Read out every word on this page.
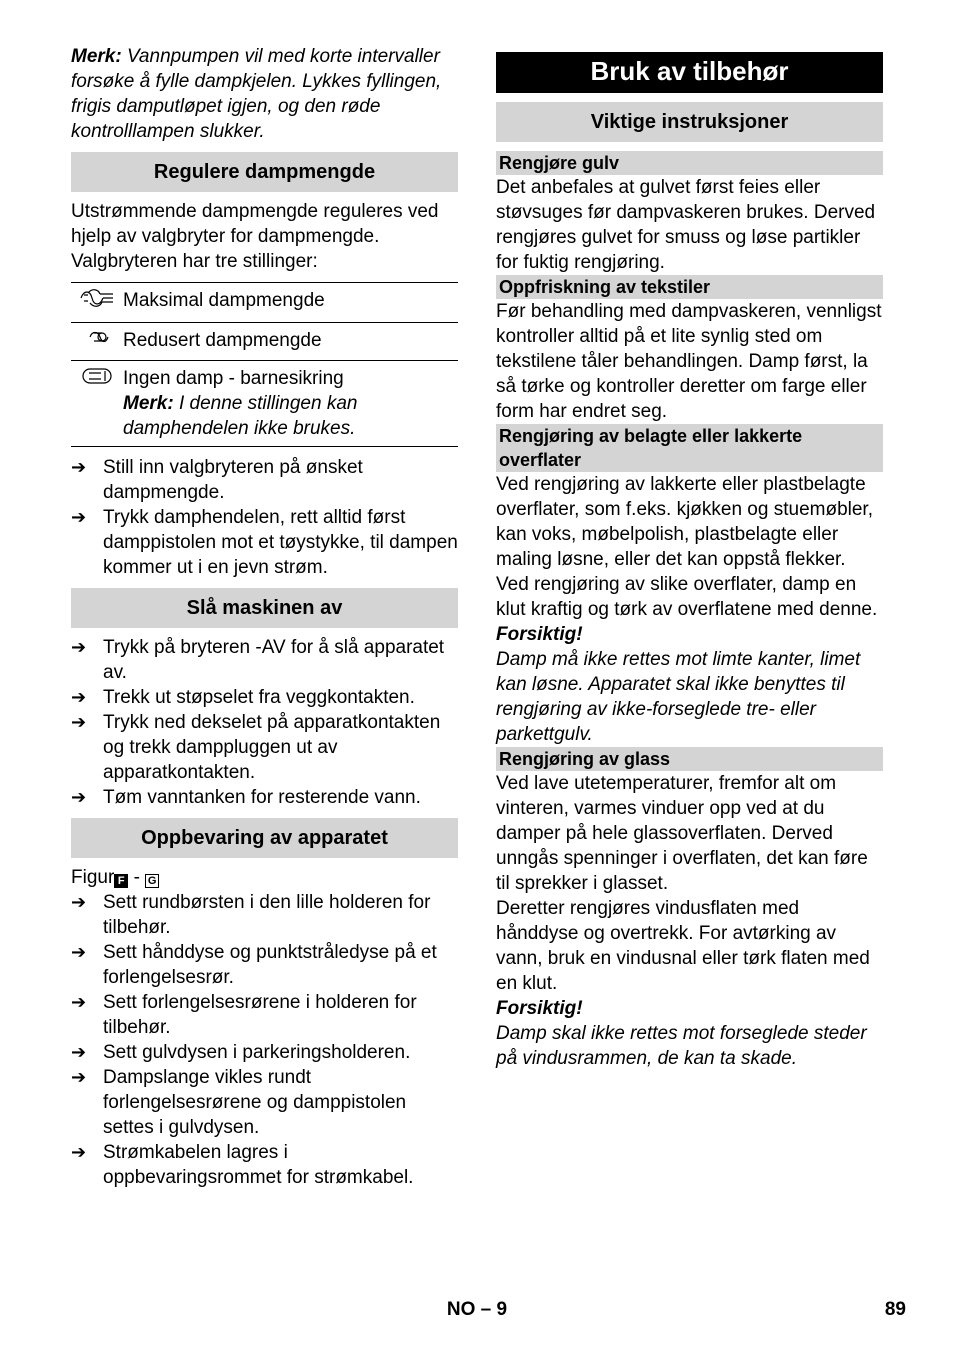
Merk: Vannpumpen vil med korte intervaller forsøke å fylle dampkjelen. Lykkes fyllingen, frigis damputløpet igjen, og den røde kontrolllampen slukker.

Regulere dampmengde

Utstrømmende dampmengde reguleres ved hjelp av valgbryter for dampmengde. Valgbryteren har tre stillinger:

	Maksimal dampmengde
	Redusert dampmengde

Ingen damp - barnesikring
Merk: I denne stillingen kan damphendelen ikke brukes.
➔ Still inn valgbryteren på ønsket dampmengde.
➔ Trykk damphendelen, rett alltid først damppistolen mot et tøystykke, til dampen kommer ut i en jevn strøm.
Slå maskinen av
➔ Trykk på bryteren -AV for å slå apparatet av.
➔ Trekk ut støpselet fra veggkontakten.
➔ Trykk ned dekselet på apparatkontakten og trekk damppluggen ut av apparatkontakten.
➔ Tøm vanntanken for resterende vann.
Oppbevaring av apparatet

Figur F - G

➔ Sett rundbørsten i den lille holderen for tilbehør.
➔ Sett hånddyse og punktstråledyse på et forlengelsesrør.
➔ Sett forlengelsesrørene i holderen for tilbehør.
➔ Sett gulvdysen i parkeringsholderen.
➔ Dampslange vikles rundt forlengelsesrørene og damppistolen settes i gulvdysen.
➔ Strømkabelen lagres i oppbevaringsrommet for strømkabel.
Bruk av tilbehør
Viktige instruksjoner
Rengjøre gulv

Det anbefales at gulvet først feies eller støvsuges før dampvaskeren brukes. Derved rengjøres gulvet for smuss og løse partikler for fuktig rengjøring.

Oppfriskning av tekstiler

Før behandling med dampvaskeren, vennligst kontroller alltid på et lite synlig sted om tekstilene tåler behandlingen. Damp først, la så tørke og kontroller deretter om farge eller form har endret seg.

Rengjøring av belagte eller lakkerte overflater

Ved rengjøring av lakkerte eller plastbelagte overflater, som f.eks. kjøkken og stuemøbler, kan voks, møbelpolish, plastbelagte eller maling løsne, eller det kan oppstå flekker. Ved rengjøring av slike overflater, damp en klut kraftig og tørk av overflatene med denne.

Forsiktig!

Damp må ikke rettes mot limte kanter, limet kan løsne. Apparatet skal ikke benyttes til rengjøring av ikke-forseglede tre- eller parkettgulv.

Rengjøring av glass

Ved lave utetemperaturer, fremfor alt om vinteren, varmes vinduer opp ved at du damper på hele glassoverflaten. Derved unngås spenninger i overflaten, det kan føre til sprekker i glasset.

Deretter rengjøres vindusflaten med hånddyse og overtrekk. For avtørking av vann, bruk en vindusnal eller tørk flaten med en klut.

Forsiktig!

Damp skal ikke rettes mot forseglede steder på vindusrammen, de kan ta skade.

NO – 9	89
